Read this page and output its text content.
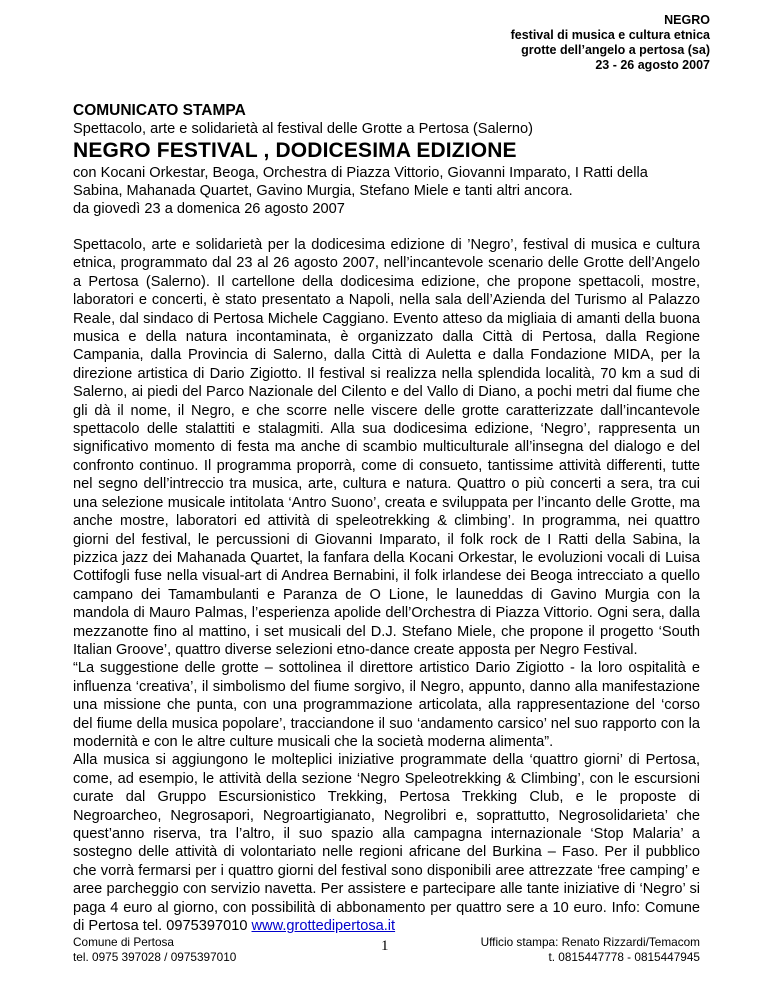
NEGRO
festival di musica e cultura etnica
grotte dell’angelo a pertosa (sa)
23 - 26 agosto 2007
COMUNICATO STAMPA
Spettacolo, arte e solidarietà al festival delle Grotte a Pertosa (Salerno)
NEGRO FESTIVAL , DODICESIMA EDIZIONE
con Kocani Orkestar, Beoga, Orchestra di Piazza Vittorio, Giovanni Imparato, I Ratti della Sabina, Mahanada Quartet, Gavino Murgia, Stefano Miele e tanti altri ancora.
da giovedì 23 a domenica 26 agosto 2007

Spettacolo, arte e solidarietà per la dodicesima edizione di ’Negro’, festival di musica e cultura etnica, programmato dal 23 al 26 agosto 2007, nell’incantevole scenario delle Grotte dell’Angelo a Pertosa (Salerno). Il cartellone della dodicesima edizione, che propone spettacoli, mostre, laboratori e concerti, è stato presentato a Napoli, nella sala dell’Azienda del Turismo al Palazzo Reale, dal sindaco di Pertosa Michele Caggiano. Evento atteso da migliaia di amanti della buona musica e della natura incontaminata, è organizzato dalla Città di Pertosa, dalla Regione Campania, dalla Provincia di Salerno, dalla Città di Auletta e dalla Fondazione MIDA, per la direzione artistica di Dario Zigiotto. Il festival si realizza nella splendida località, 70 km a sud di Salerno, ai piedi del Parco Nazionale del Cilento e del Vallo di Diano, a pochi metri dal fiume che gli dà il nome, il Negro, e che scorre nelle viscere delle grotte caratterizzate dall’incantevole spettacolo delle stalattiti e stalagmiti. Alla sua dodicesima edizione, ‘Negro’, rappresenta un significativo momento di festa ma anche di scambio multiculturale all’insegna del dialogo e del confronto continuo. Il programma proporrà, come di consueto, tantissime attività differenti, tutte nel segno dell’intreccio tra musica, arte, cultura e natura. Quattro o più concerti a sera, tra cui una selezione musicale intitolata ‘Antro Suono’, creata e sviluppata per l’incanto delle Grotte, ma anche mostre, laboratori ed attività di speleotrekking & climbing’. In programma, nei quattro giorni del festival, le percussioni di Giovanni Imparato, il folk rock de I Ratti della Sabina, la pizzica jazz dei Mahanada Quartet, la fanfara della Kocani Orkestar, le evoluzioni vocali di Luisa Cottifogli fuse nella visual-art di Andrea Bernabini, il folk irlandese dei Beoga intrecciato a quello campano dei Tamambulanti e Paranza de O Lione, le launeddas di Gavino Murgia con la mandola di Mauro Palmas, l’esperienza apolide dell’Orchestra di Piazza Vittorio. Ogni sera, dalla mezzanotte fino al mattino, i set musicali del D.J. Stefano Miele, che propone il progetto ‘South Italian Groove’, quattro diverse selezioni etno-dance create apposta per Negro Festival.

“La suggestione delle grotte – sottolinea il direttore artistico Dario Zigiotto - la loro ospitalità e influenza ‘creativa’, il simbolismo del fiume sorgivo, il Negro, appunto, danno alla manifestazione una missione che punta, con una programmazione articolata, alla rappresentazione del ‘corso del fiume della musica popolare’, tracciandone il suo ‘andamento carsico’ nel suo rapporto con la modernità e con le altre culture musicali che la società moderna alimenta”.

Alla musica si aggiungono le molteplici iniziative programmate della ‘quattro giorni’ di Pertosa, come, ad esempio, le attività della sezione ‘Negro Speleotrekking & Climbing’, con le escursioni curate dal Gruppo Escursionistico Trekking, Pertosa Trekking Club, e le proposte di Negroarcheo, Negrosapori, Negroartigianato, Negrolibri e, soprattutto, Negrosolidarieta’ che quest’anno riserva, tra l’altro, il suo spazio alla campagna internazionale ‘Stop Malaria’ a sostegno delle attività di volontariato nelle regioni africane del Burkina – Faso. Per il pubblico che vorrà fermarsi per i quattro giorni del festival sono disponibili aree attrezzate ‘free camping’ e aree parcheggio con servizio navetta. Per assistere e partecipare alle tante iniziative di ‘Negro’ si paga 4 euro al giorno, con possibilità di abbonamento per quattro sere a 10 euro. Info: Comune di Pertosa tel. 0975397010 www.grottedipertosa.it

Comune di Pertosa
tel. 0975 397028 / 0975397010
1	Ufficio stampa: Renato Rizzardi/Temacom
t. 0815447778 - 0815447945
